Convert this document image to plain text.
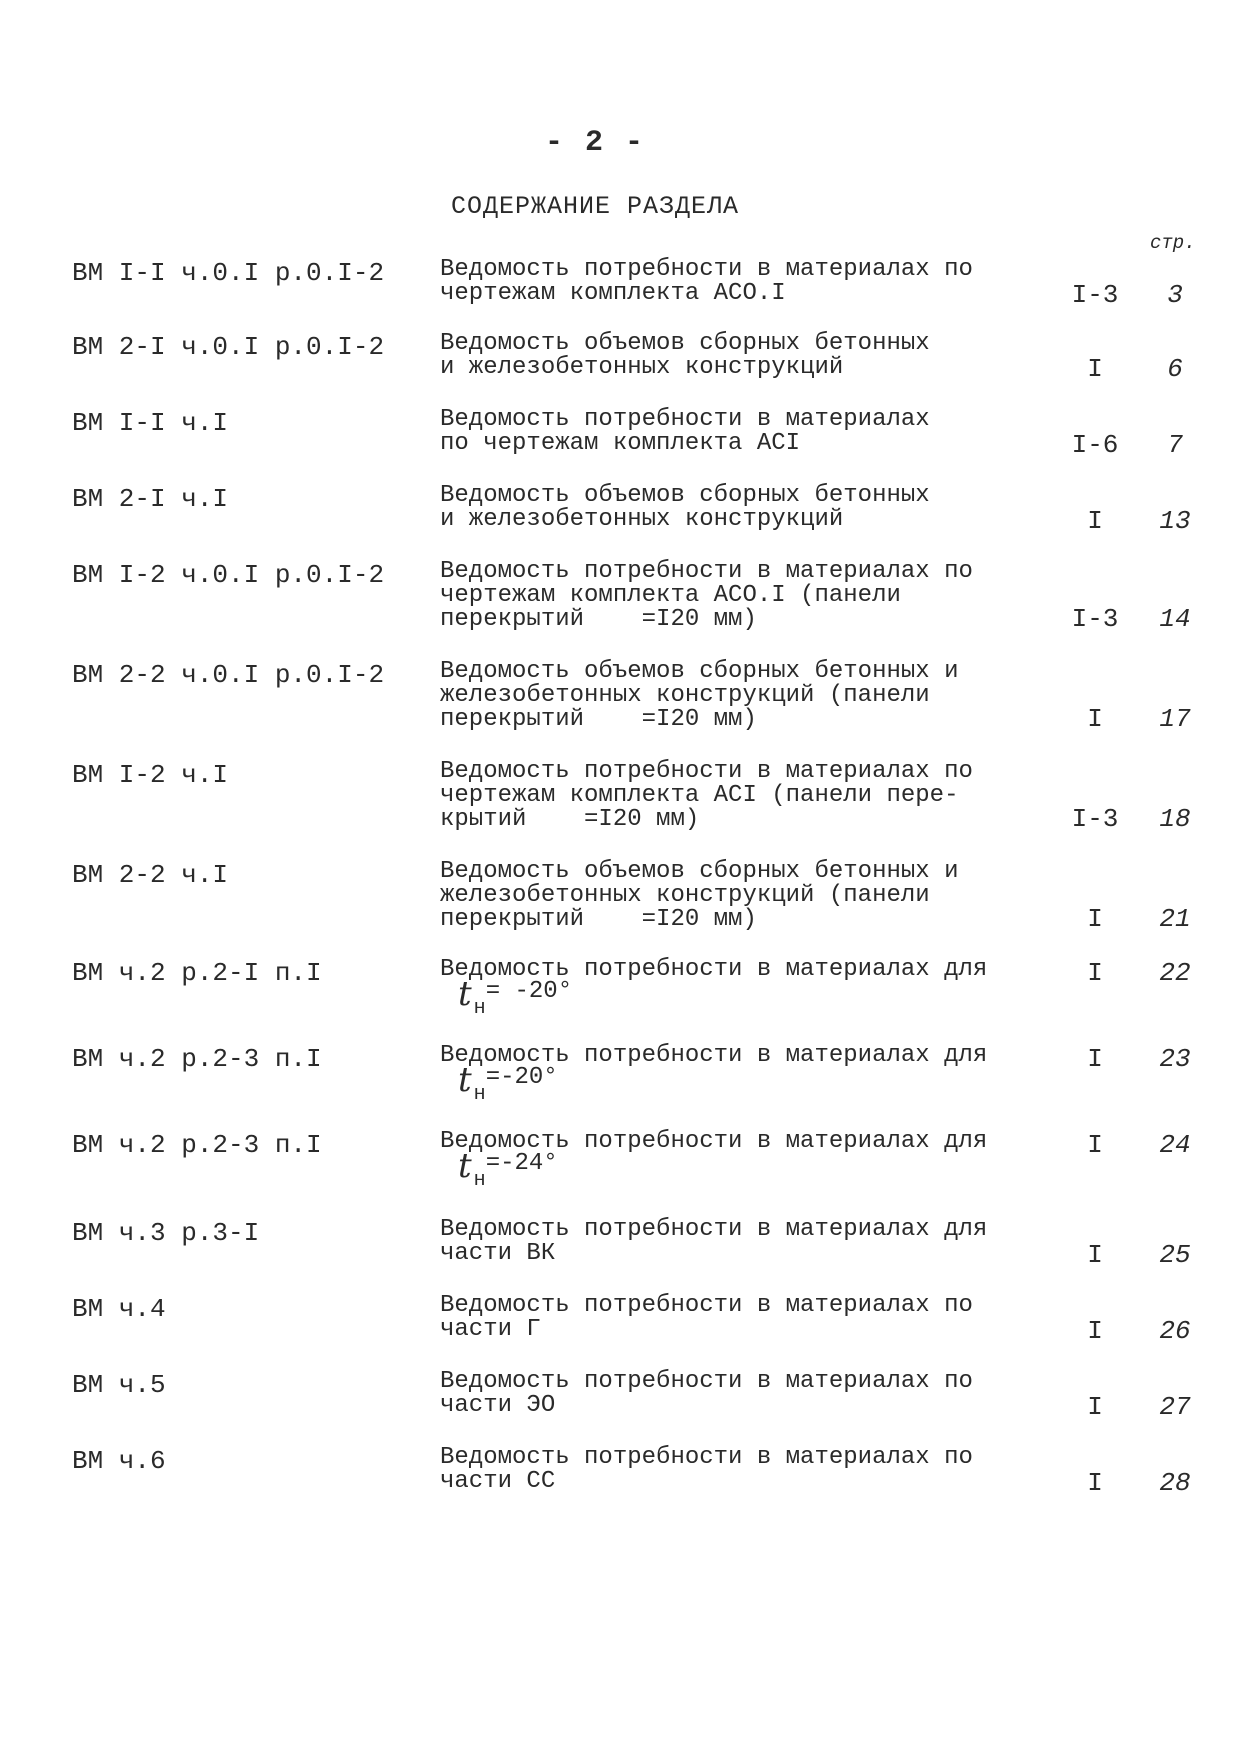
- 2 -
СОДЕРЖАНИЕ РАЗДЕЛА
стр.
ВМ I-I ч.0.I р.0.I-2 Ведомость потребности в материалах по
чертежам комплекта АСО.I	I-3	3
ВМ 2-I ч.0.I р.0.I-2 Ведомость объемов сборных бетонных
и железобетонных конструкций	I	6
ВМ I-I ч.I	Ведомость потребности в материалах
по чертежам комплекта АСI	I-6	7
ВМ 2-I ч.I	Ведомость объемов сборных бетонных
и железобетонных конструкций	I	13
ВМ I-2 ч.0.I р.0.I-2 Ведомость потребности в материалах по
чертежам комплекта АСО.I (панели
перекрытий    =I20 мм)	I-3	14
ВМ 2-2 ч.0.I р.0.I-2 Ведомость объемов сборных бетонных и
железобетонных конструкций (панели
перекрытий    =I20 мм)	I	17
ВМ I-2 ч.I	Ведомость потребности в материалах по
чертежам комплекта АСI (панели пере-
крытий    =I20 мм)	I-3	18
ВМ 2-2 ч.I	Ведомость объемов сборных бетонных и
железобетонных конструкций (панели
перекрытий    =I20 мм)	I	21
ВМ ч.2 р.2-I п.I	Ведомость потребности в материалах для
t $_н$= -20°
I	22
ВМ ч.2 р.2-3 п.I	Ведомость потребности в материалах для
t $_н$=-20°
I	23
ВМ ч.2 р.2-3 п.I	Ведомость потребности в материалах для
t $_н$=-24°
I	24
ВМ ч.3 р.3-I	Ведомость потребности в материалах для
части ВК	I	25
ВМ ч.4	Ведомость потребности в материалах по
части Г	I	26
ВМ ч.5	Ведомость потребности в материалах по
части ЭО	I	27
ВМ ч.6	Ведомость потребности в материалах по
части СС	I	28
